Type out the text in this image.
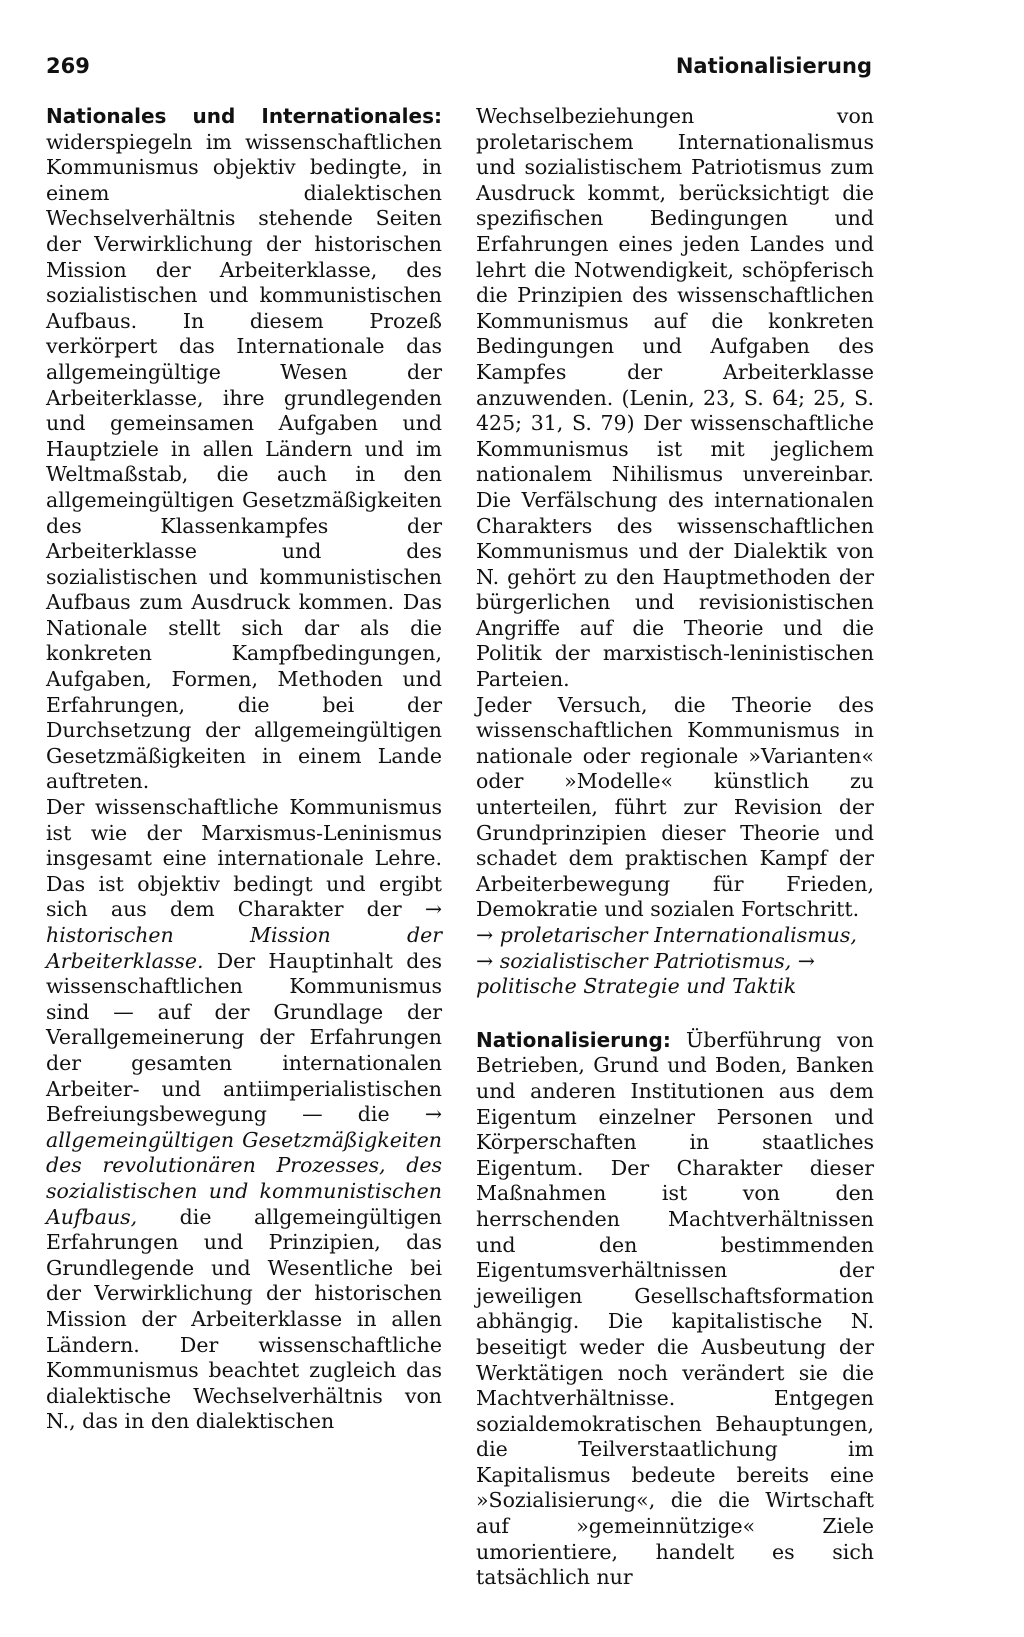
269	Nationalisierung

Nationales und Internationales: widerspiegeln im wissenschaftlichen Kommunismus objektiv bedingte, in einem dialektischen Wechselverhältnis stehende Seiten der Verwirklichung der historischen Mission der Arbeiterklasse, des sozialistischen und kommunistischen Aufbaus. In diesem Prozeß verkörpert das Internationale das allgemeingültige Wesen der Arbeiterklasse, ihre grundlegenden und gemeinsamen Aufgaben und Hauptziele in allen Ländern und im Weltmaßstab, die auch in den allgemeingültigen Gesetzmäßigkeiten des Klassenkampfes der Arbeiterklasse und des sozialistischen und kommunistischen Aufbaus zum Ausdruck kommen. Das Nationale stellt sich dar als die konkreten Kampfbedingungen, Aufgaben, Formen, Methoden und Erfahrungen, die bei der Durchsetzung der allgemeingültigen Gesetzmäßigkeiten in einem Lande auftreten.

Der wissenschaftliche Kommunismus ist wie der Marxismus-Leninismus insgesamt eine internationale Lehre. Das ist objektiv bedingt und ergibt sich aus dem Charakter der → historischen Mission der Arbeiterklasse. Der Hauptinhalt des wissenschaftlichen Kommunismus sind — auf der Grundlage der Verallgemeinerung der Erfahrungen der gesamten internationalen Arbeiter- und antiimperialistischen Befreiungsbewegung — die → allgemeingültigen Gesetzmäßigkeiten des revolutionären Prozesses, des sozialistischen und kommunistischen Aufbaus, die allgemeingültigen Erfahrungen und Prinzipien, das Grundlegende und Wesentliche bei der Verwirklichung der historischen Mission der Arbeiterklasse in allen Ländern. Der wissenschaftliche Kommunismus beachtet zugleich das dialektische Wechselverhältnis von N., das in den dialektischen

Wechselbeziehungen von proletarischem Internationalismus und sozialistischem Patriotismus zum Ausdruck kommt, berücksichtigt die spezifischen Bedingungen und Erfahrungen eines jeden Landes und lehrt die Notwendigkeit, schöpferisch die Prinzipien des wissenschaftlichen Kommunismus auf die konkreten Bedingungen und Aufgaben des Kampfes der Arbeiterklasse anzuwenden. (Lenin, 23, S. 64; 25, S. 425; 31, S. 79) Der wissenschaftliche Kommunismus ist mit jeglichem nationalem Nihilismus unvereinbar. Die Verfälschung des internationalen Charakters des wissenschaftlichen Kommunismus und der Dialektik von N. gehört zu den Hauptmethoden der bürgerlichen und revisionistischen Angriffe auf die Theorie und die Politik der marxistisch-leninistischen Parteien.

Jeder Versuch, die Theorie des wissenschaftlichen Kommunismus in nationale oder regionale »Varianten« oder »Modelle« künstlich zu unterteilen, führt zur Revision der Grundprinzipien dieser Theorie und schadet dem praktischen Kampf der Arbeiterbewegung für Frieden, Demokratie und sozialen Fortschritt.

→ proletarischer Internationalismus,

→ sozialistischer Patriotismus, →

politische Strategie und Taktik

Nationalisierung: Überführung von Betrieben, Grund und Boden, Banken und anderen Institutionen aus dem Eigentum einzelner Personen und Körperschaften in staatliches Eigentum. Der Charakter dieser Maßnahmen ist von den herrschenden Machtverhältnissen und den bestimmenden Eigentumsverhältnissen der jeweiligen Gesellschaftsformation abhängig. Die kapitalistische N. beseitigt weder die Ausbeutung der Werktätigen noch verändert sie die Machtverhältnisse. Entgegen sozialdemokratischen Behauptungen, die Teilverstaatlichung im Kapitalismus bedeute bereits eine »Sozialisierung«, die die Wirtschaft auf »gemeinnützige« Ziele umorientiere, handelt es sich tatsächlich nur
